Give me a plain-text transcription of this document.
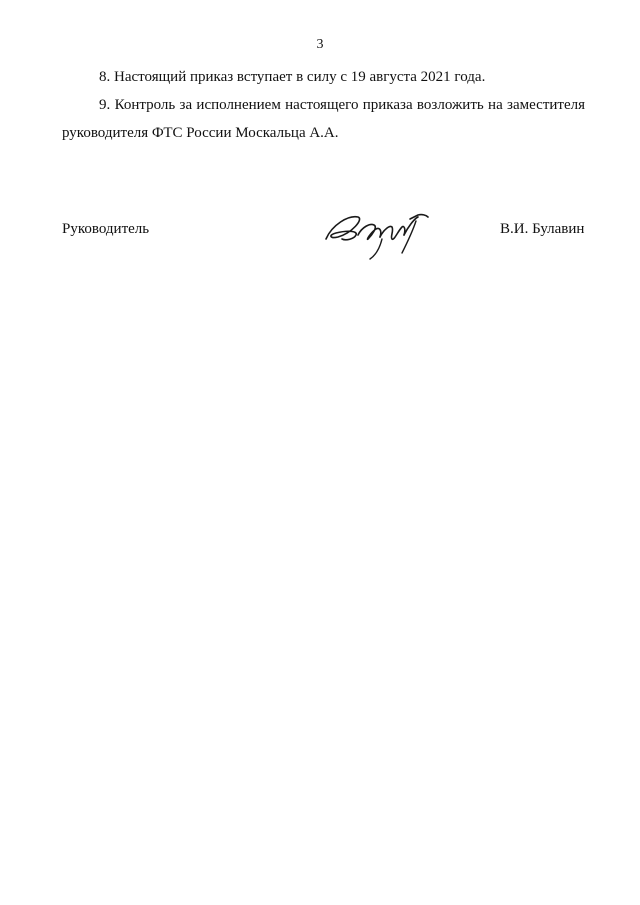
3
8. Настоящий приказ вступает в силу с 19 августа 2021 года.
9. Контроль за исполнением настоящего приказа возложить на заместителя
руководителя ФТС России Москальца А.А.
Руководитель	В.И. Булавин
